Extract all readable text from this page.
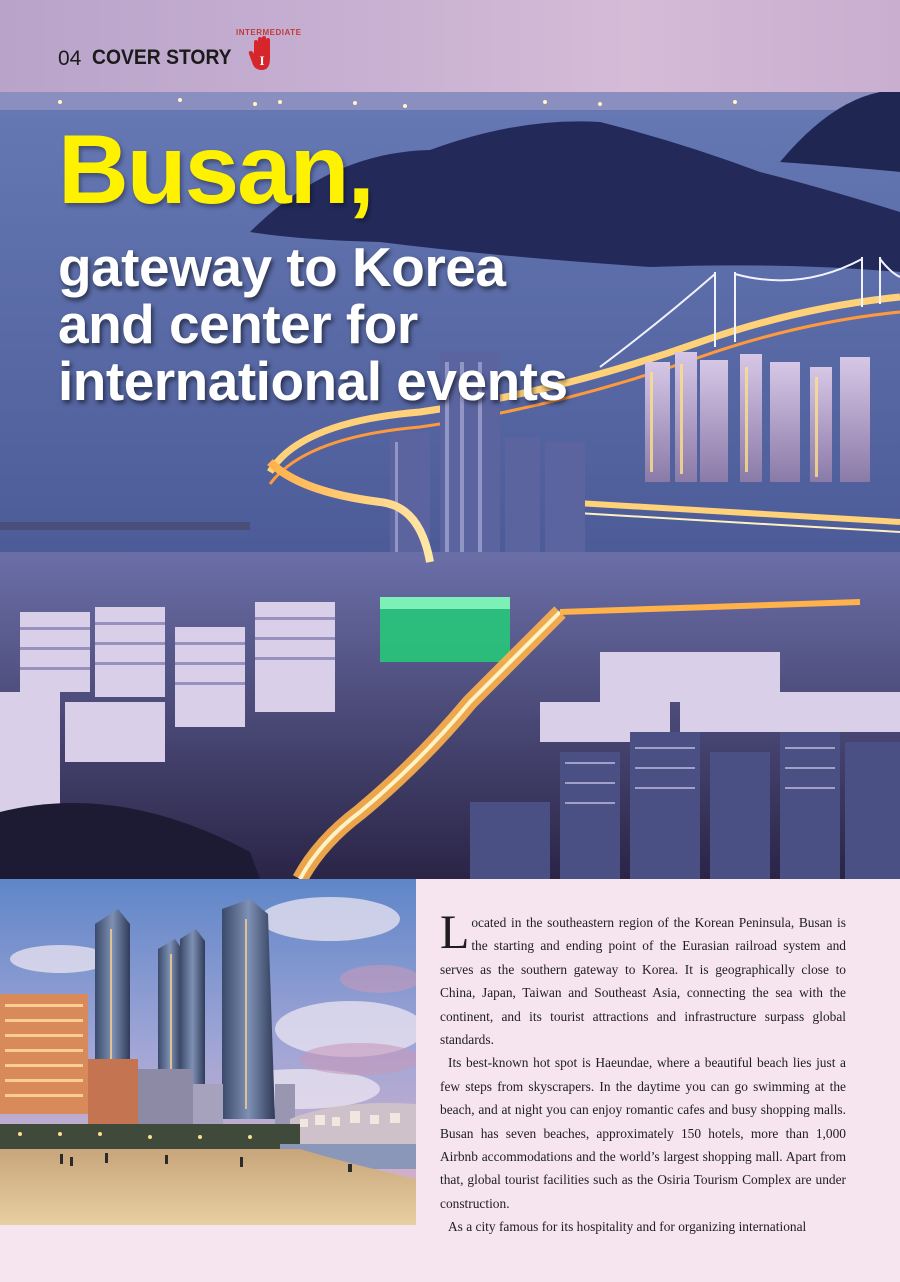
04 COVER STORY
INTERMEDIATE
I
Busan,
gateway to Korea
and center for
international events

Located in the southeastern region of the Korean Peninsula, Busan is the starting and ending point of the Eurasian railroad system and serves as the southern gateway to Korea. It is geographically close to China, Japan, Taiwan and Southeast Asia, connecting the sea with the continent, and its tourist attractions and infrastructure surpass global standards.

Its best-known hot spot is Haeundae, where a beautiful beach lies just a few steps from skyscrapers. In the daytime you can go swimming at the beach, and at night you can enjoy romantic cafes and busy shopping malls. Busan has seven beaches, approximately 150 hotels, more than 1,000 Airbnb accommodations and the world’s largest shopping mall. Apart from that, global tourist facilities such as the Osiria Tourism Complex are under construction.

As a city famous for its hospitality and for organizing international
